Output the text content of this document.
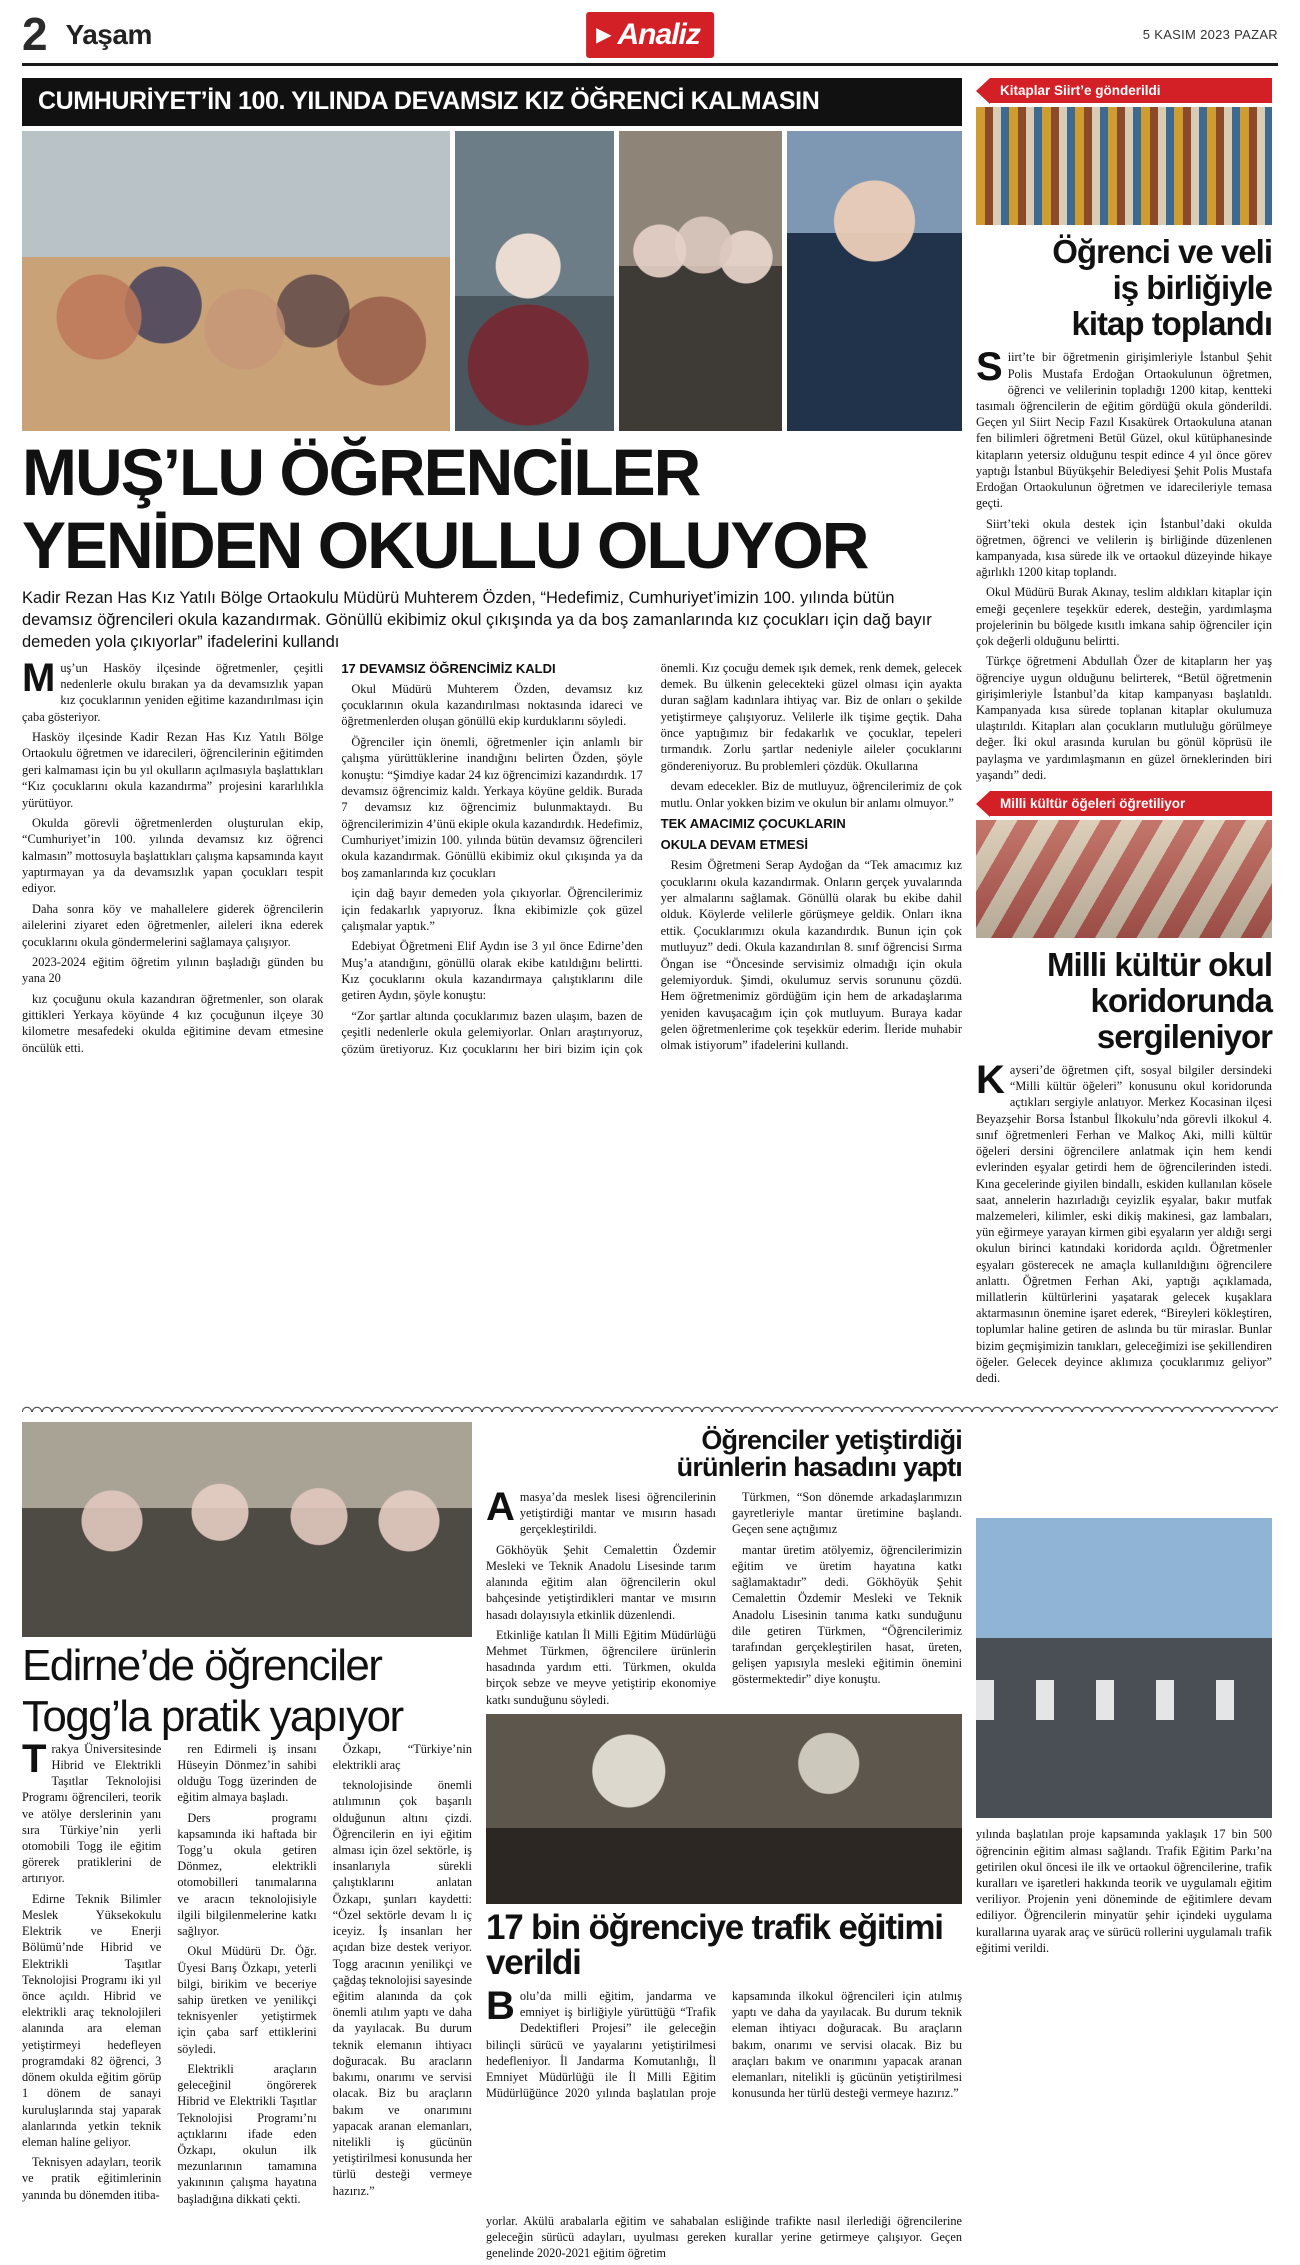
2 Yaşam	▶ Analiz	5 KASIM 2023 PAZAR
CUMHURİYET’İN 100. YILINDA DEVAMSIZ KIZ ÖĞRENCİ KALMASIN
MUŞ’LU ÖĞRENCİLER
YENİDEN OKULLU OLUYOR
Kadir Rezan Has Kız Yatılı Bölge Ortaokulu Müdürü Muhterem Özden, “Hedefimiz, Cumhuriyet’imizin 100. yılında bütün devamsız öğrencileri okula kazandırmak. Gönüllü ekibimiz okul çıkışında ya da boş zamanlarında kız çocukları için dağ bayır demeden yola çıkıyorlar” ifadelerini kullandı

Muş’un Hasköy ilçesinde öğretmenler, çeşitli nedenlerle okulu bırakan ya da devamsızlık yapan kız çocuklarının yeniden eğitime kazandırılması için çaba gösteriyor.

Hasköy ilçesinde Kadir Rezan Has Kız Yatılı Bölge Ortaokulu öğretmen ve idarecileri, öğrencilerinin eğitimden geri kalmaması için bu yıl okulların açılmasıyla başlattıkları “Kız çocuklarını okula kazandırma” projesini kararlılıkla yürütüyor.

Okulda görevli öğretmenlerden oluşturulan ekip, “Cumhuriyet’in 100. yılında devamsız kız öğrenci kalmasın” mottosuyla başlattıkları çalışma kapsamında kayıt yaptırmayan ya da devamsızlık yapan çocukları tespit ediyor.

Daha sonra köy ve mahallelere giderek öğrencilerin ailelerini ziyaret eden öğretmenler, aileleri ikna ederek çocuklarını okula göndermelerini sağlamaya çalışıyor.

2023-2024 eğitim öğretim yılının başladığı günden bu yana 20

kız çocuğunu okula kazandıran öğretmenler, son olarak gittikleri Yerkaya köyünde 4 kız çocuğunun ilçeye 30 kilometre mesafedeki okulda eğitimine devam etmesine öncülük etti.

17 DEVAMSIZ ÖĞRENCİMİZ KALDI

Okul Müdürü Muhterem Özden, devamsız kız çocuklarının okula kazandırılması noktasında idareci ve öğretmenlerden oluşan gönüllü ekip kurduklarını söyledi.

Öğrenciler için önemli, öğretmenler için anlamlı bir çalışma yürüttüklerine inandığını belirten Özden, şöyle konuştu: “Şimdiye kadar 24 kız öğrencimizi kazandırdık. 17 devamsız öğrencimiz kaldı. Yerkaya köyüne geldik. Burada 7 devamsız kız öğrencimiz bulunmaktaydı. Bu öğrencilerimizin 4’ünü ekiple okula kazandırdık. Hedefimiz, Cumhuriyet’imizin 100. yılında bütün devamsız öğrencileri okula kazandırmak. Gönüllü ekibimiz okul çıkışında ya da boş zamanlarında kız çocukları

için dağ bayır demeden yola çıkıyorlar. Öğrencilerimiz için fedakarlık yapıyoruz. İkna ekibimizle çok güzel çalışmalar yaptık.”

Edebiyat Öğretmeni Elif Aydın ise 3 yıl önce Edirne’den Muş’a atandığını, gönüllü olarak ekibe katıldığını belirtti. Kız çocuklarını okula kazandırmaya çalıştıklarını dile getiren Aydın, şöyle konuştu:

“Zor şartlar altında çocuklarımız bazen ulaşım, bazen de çeşitli nedenlerle okula gelemiyorlar. Onları araştırıyoruz, çözüm üretiyoruz. Kız çocuklarını her biri bizim için çok önemli. Kız çocuğu demek ışık demek, renk demek, gelecek demek. Bu ülkenin gelecekteki güzel olması için ayakta duran sağlam kadınlara ihtiyaç var. Biz de onları o şekilde yetiştirmeye çalışıyoruz. Velilerle ilk tişime geçtik. Daha önce yaptığımız bir fedakarlık ve çocuklar, tepeleri tırmandık. Zorlu şartlar nedeniyle aileler çocuklarını göndereniyoruz. Bu problemleri çözdük. Okullarına

devam edecekler. Biz de mutluyuz, öğrencilerimiz de çok mutlu. Onlar yokken bizim ve okulun bir anlamı olmuyor.”

TEK AMACIMIZ ÇOCUKLARIN

OKULA DEVAM ETMESİ

Resim Öğretmeni Serap Aydoğan da “Tek amacımız kız çocuklarını okula kazandırmak. Onların gerçek yuvalarında yer almalarını sağlamak. Gönüllü olarak bu ekibe dahil olduk. Köylerde velilerle görüşmeye geldik. Onları ikna ettik. Çocuklarımızı okula kazandırdık. Bunun için çok mutluyuz” dedi. Okula kazandırılan 8. sınıf öğrencisi Sırma Öngan ise “Öncesinde servisimiz olmadığı için okula gelemiyorduk. Şimdi, okulumuz servis sorununu çözdü. Hem öğretmenimiz gördüğüm için hem de arkadaşlarıma yeniden kavuşacağım için çok mutluyum. Buraya kadar gelen öğretmenlerime çok teşekkür ederim. İleride muhabir olmak istiyorum” ifadelerini kullandı.

Kitaplar Siirt’e gönderildi
Öğrenci ve veli
iş birliğiyle
kitap toplandı

Siirt’te bir öğretmenin girişimleriyle İstanbul Şehit Polis Mustafa Erdoğan Ortaokulunun öğretmen, öğrenci ve velilerinin topladığı 1200 kitap, kentteki tasımalı öğrencilerin de eğitim gördüğü okula gönderildi. Geçen yıl Siirt Necip Fazıl Kısakürek Ortaokuluna atanan fen bilimleri öğretmeni Betül Güzel, okul kütüphanesinde kitapların yetersiz olduğunu tespit edince 4 yıl önce görev yaptığı İstanbul Büyükşehir Belediyesi Şehit Polis Mustafa Erdoğan Ortaokulunun öğretmen ve idarecileriyle temasa geçti.

Siirt’teki okula destek için İstanbul’daki okulda öğretmen, öğrenci ve velilerin iş birliğinde düzenlenen kampanyada, kısa sürede ilk ve ortaokul düzeyinde hikaye ağırlıklı 1200 kitap toplandı.

Okul Müdürü Burak Akınay, teslim aldıkları kitaplar için emeği geçenlere teşekkür ederek, desteğin, yardımlaşma projelerinin bu bölgede kısıtlı imkana sahip öğrenciler için çok değerli olduğunu belirtti.

Türkçe öğretmeni Abdullah Özer de kitapların her yaş öğrenciye uygun olduğunu belirterek, “Betül öğretmenin girişimleriyle İstanbul’da kitap kampanyası başlatıldı. Kampanyada kısa sürede toplanan kitaplar okulumuza ulaştırıldı. Kitapları alan çocukların mutluluğu görülmeye değer. İki okul arasında kurulan bu gönül köprüsü ile paylaşma ve yardımlaşmanın en güzel örneklerinden biri yaşandı” dedi.

Milli kültür öğeleri öğretiliyor
Milli kültür okul
koridorunda
sergileniyor

Kayseri’de öğretmen çift, sosyal bilgiler dersindeki “Milli kültür öğeleri” konusunu okul koridorunda açtıkları sergiyle anlatıyor. Merkez Kocasinan ilçesi Beyazşehir Borsa İstanbul İlkokulu’nda görevli ilkokul 4. sınıf öğretmenleri Ferhan ve Malkoç Aki, milli kültür öğeleri dersini öğrencilere anlatmak için hem kendi evlerinden eşyalar getirdi hem de öğrencilerinden istedi. Kına gecelerinde giyilen bindallı, eskiden kullanılan kösele saat, annelerin hazırladığı ceyizlik eşyalar, bakır mutfak malzemeleri, kilimler, eski dikiş makinesi, gaz lambaları, yün eğirmeye yarayan kirmen gibi eşyaların yer aldığı sergi okulun birinci katındaki koridorda açıldı. Öğretmenler eşyaları gösterecek ne amaçla kullanıldığını öğrencilere anlattı. Öğretmen Ferhan Aki, yaptığı açıklamada, millatlerin kültürlerini yaşatarak gelecek kuşaklara aktarmasının önemine işaret ederek, “Bireyleri kökleştiren, toplumlar haline getiren de aslında bu tür miraslar. Bunlar bizim geçmişimizin tanıkları, geleceğimizi ise şekillendiren öğeler. Gelecek deyince aklımıza çocuklarımız geliyor” dedi.

Edirne’de öğrenciler
Togg’la pratik yapıyor

Trakya Üniversitesinde Hibrid ve Elektrikli Taşıtlar Teknolojisi Programı öğrencileri, teorik ve atölye derslerinin yanı sıra Türkiye’nin yerli otomobili Togg ile eğitim görerek pratiklerini de artırıyor.

Edirne Teknik Bilimler Meslek Yüksekokulu Elektrik ve Enerji Bölümü’nde Hibrid ve Elektrikli Taşıtlar Teknolojisi Programı iki yıl önce açıldı. Hibrid ve elektrikli araç teknolojileri alanında ara eleman yetiştirmeyi hedefleyen programdaki 82 öğrenci, 3 dönem okulda eğitim görüp 1 dönem de sanayi kuruluşlarında staj yaparak alanlarında yetkin teknik eleman haline geliyor.

Teknisyen adayları, teorik ve pratik eğitimlerinin yanında bu dönemden itiba-

ren Edirmeli iş insanı Hüseyin Dönmez’in sahibi olduğu Togg üzerinden de eğitim almaya başladı.

Ders programı kapsamında iki haftada bir Togg’u okula getiren Dönmez, elektrikli otomobilleri tanımalarına ve aracın teknolojisiyle ilgili bilgilenmelerine katkı sağlıyor.

Okul Müdürü Dr. Öğr. Üyesi Barış Özkapı, yeterli bilgi, birikim ve beceriye sahip üretken ve yenilikçi teknisyenler yetiştirmek için çaba sarf ettiklerini söyledi.

Elektrikli araçların geleceğinil öngörerek Hibrid ve Elektrikli Taşıtlar Teknolojisi Programı’nı açtıklarını ifade eden Özkapı, okulun ilk mezunlarının tamamına yakınının çalışma hayatına başladığına dikkati çekti.

Özkapı, “Türkiye’nin elektrikli araç

teknolojisinde önemli atılımının çok başarılı olduğunun altını çizdi. Öğrencilerin en iyi eğitim alması için özel sektörle, iş insanlarıyla sürekli çalıştıklarını anlatan Özkapı, şunları kaydetti: “Özel sektörle devam lı iç iceyiz. İş insanları her açıdan bize destek veriyor. Togg aracının yenilikçi ve çağdaş teknolojisi sayesinde eğitim alanında da çok önemli atılım yaptı ve daha da yayılacak. Bu durum teknik elemanın ihtiyacı doğuracak. Bu aracların bakımı, onarımı ve servisi olacak. Biz bu araçların bakım ve onarımını yapacak aranan elemanları, nitelikli iş gücünün yetiştirilmesi konusunda her türlü desteği vermeye hazırız.”

Öğrenciler yetiştirdiği
ürünlerin hasadını yaptı

Amasya’da meslek lisesi öğrencilerinin yetiştirdiği mantar ve mısırın hasadı gerçekleştirildi.

Gökhöyük Şehit Cemalettin Özdemir Mesleki ve Teknik Anadolu Lisesinde tarım alanında eğitim alan öğrencilerin okul bahçesinde yetiştirdikleri mantar ve mısırın hasadı dolayısıyla etkinlik düzenlendi.

Etkinliğe katılan İl Milli Eğitim Müdürlüğü Mehmet Türkmen, öğrencilere ürünlerin hasadında yardım etti. Türkmen, okulda birçok sebze ve meyve yetiştirip ekonomiye katkı sunduğunu söyledi.

Türkmen, “Son dönemde arkadaşlarımızın gayretleriyle mantar üretimine başlandı. Geçen sene açtığımız

mantar üretim atölyemiz, öğrencilerimizin eğitim ve üretim hayatına katkı sağlamaktadır” dedi. Gökhöyük Şehit Cemalettin Özdemir Mesleki ve Teknik Anadolu Lisesinin tanıma katkı sunduğunu dile getiren Türkmen, “Öğrencilerimiz tarafından gerçekleştirilen hasat, üreten, gelişen yapısıyla mesleki eğitimin önemini göstermektedir” diye konuştu.

17 bin öğrenciye trafik eğitimi verildi

Bolu’da milli eğitim, jandarma ve emniyet iş birliğiyle yürüttüğü “Trafik Dedektifleri Projesi” ile geleceğin bilinçli sürücü ve yayalarını yetiştirilmesi hedefleniyor. İl Jandarma Komutanlığı, İl Emniyet Müdürlüğü ile İl Milli Eğitim Müdürlüğünce 2020 yılında başlatılan proje kapsamında ilkokul öğrencileri için atılmış yaptı ve daha da yayılacak. Bu durum teknik eleman ihtiyacı doğuracak. Bu araçların bakım, onarımı ve servisi olacak. Biz bu araçları bakım ve onarımını yapacak aranan elemanları, nitelikli iş gücünün yetiştirilmesi konusunda her türlü desteği vermeye hazırız.”

yılında başlatılan proje kapsamında yaklaşık 17 bin 500 öğrencinin eğitim alması sağlandı. Trafik Eğitim Parkı’na getirilen okul öncesi ile ilk ve ortaokul öğrencilerine, trafik kuralları ve işaretleri hakkında teorik ve uygulamalı eğitim veriliyor. Projenin yeni döneminde de eğitimlere devam ediliyor. Öğrencilerin minyatür şehir içindeki uygulama kurallarına uyarak araç ve sürücü rollerini uygulamalı trafik eğitimi verildi.

yorlar. Akülü arabalarla eğitim ve sahabalan esliğinde trafikte nasıl ilerlediği öğrencilerine geleceğin sürücü adayları, uyulması gereken kurallar yerine getirmeye çalışıyor. Geçen genelinde 2020-2021 eğitim öğretim
